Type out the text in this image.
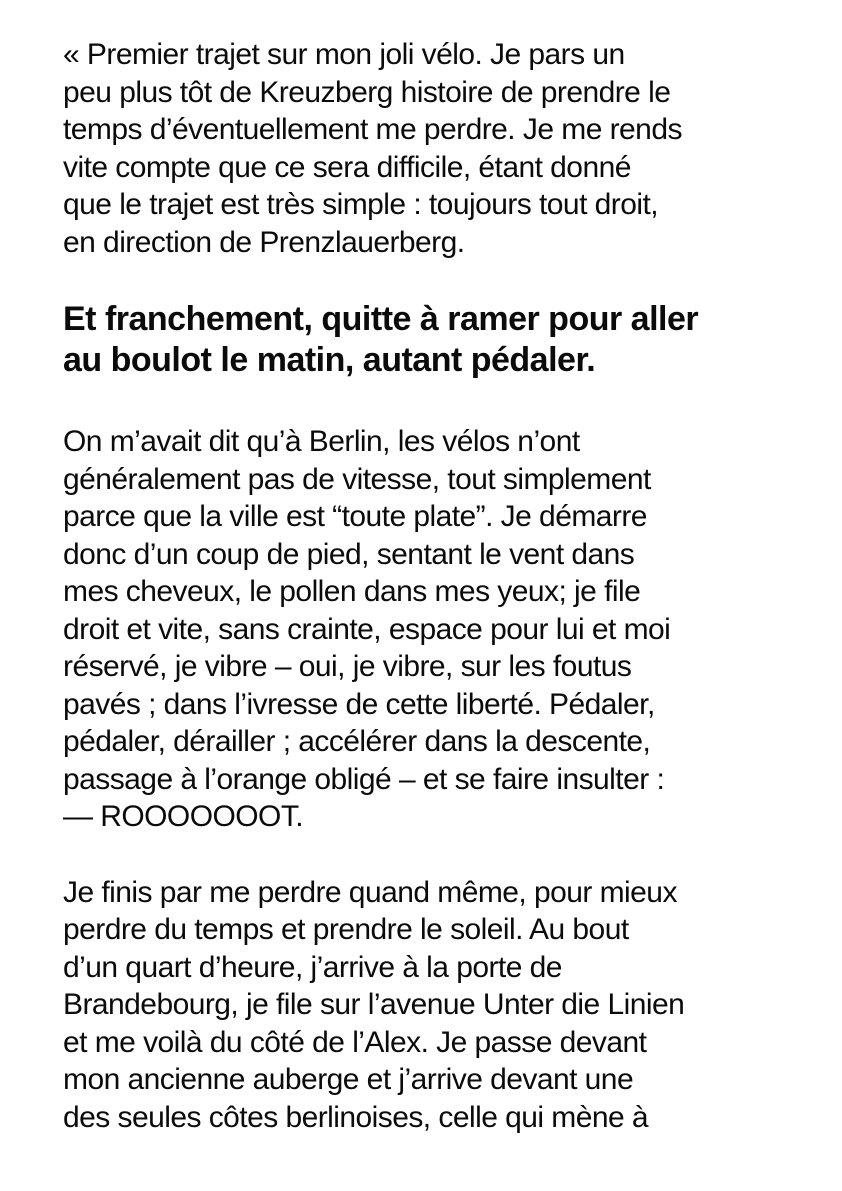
« Premier trajet sur mon joli vélo. Je pars un
peu plus tôt de Kreuzberg histoire de prendre le
temps d’éventuellement me perdre. Je me rends
vite compte que ce sera difficile, étant donné
que le trajet est très simple : toujours tout droit,
en direction de Prenzlauerberg.

Et franchement, quitte à ramer pour aller
au boulot le matin, autant pédaler.

On m’avait dit qu’à Berlin, les vélos n’ont
généralement pas de vitesse, tout simplement
parce que la ville est “toute plate”. Je démarre
donc d’un coup de pied, sentant le vent dans
mes cheveux, le pollen dans mes yeux; je file
droit et vite, sans crainte, espace pour lui et moi
réservé, je vibre – oui, je vibre, sur les foutus
pavés ; dans l’ivresse de cette liberté. Pédaler,
pédaler, dérailler ; accélérer dans la descente,
passage à l’orange obligé – et se faire insulter :
— ROOOOOOOT.

Je finis par me perdre quand même, pour mieux
perdre du temps et prendre le soleil. Au bout
d’un quart d’heure, j’arrive à la porte de
Brandebourg, je file sur l’avenue Unter die Linien
et me voilà du côté de l’Alex. Je passe devant
mon ancienne auberge et j’arrive devant une
des seules côtes berlinoises, celle qui mène à
